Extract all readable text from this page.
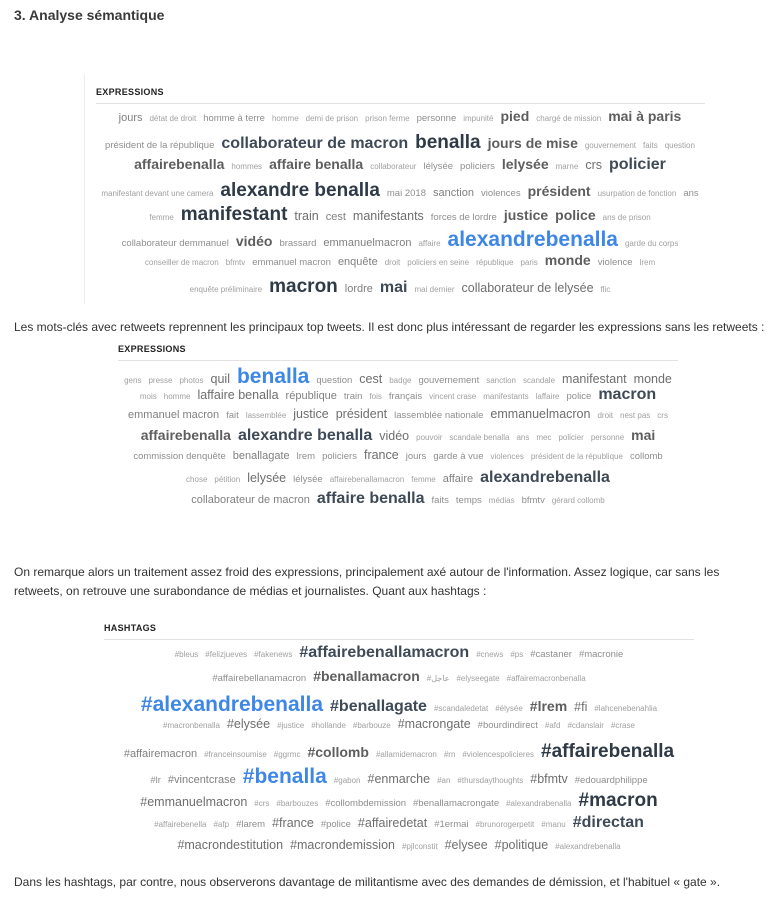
3. Analyse sémantique
EXPRESSIONS
jours détat de droit homme à terre homme demi de prison prison ferme personne impunité pied chargé de mission mai à paris
président de la république collaborateur de macron benalla jours de mise gouvernement faits question
affairebenalla hommes affaire benalla collaborateur lélysée policiers lelysée marne crs policier
manifestant devant une camera alexandre benalla mai 2018 sanction violences président usurpation de fonction ans
femme manifestant train cest manifestants forces de lordre justice police ans de prison
collaborateur demmanuel vidéo brassard emmanuelmacron affaire alexandrebenalla garde du corps
conseiller de macron bfmtv emmanuel macron enquête droit policiers en seine république paris monde violence lrem
enquête préliminaire macron lordre mai mai dernier collaborateur de lelysée flic
Les mots-clés avec retweets reprennent les principaux top tweets. Il est donc plus intéressant de regarder les expressions sans les retweets :
EXPRESSIONS
gens presse photos quil benalla question cest badge gouvernement sanction scandale manifestant monde
mois homme laffaire benalla république train fois français vincent crase manifestants laffaire police macron
emmanuel macron fait lassemblée justice président lassemblée nationale emmanuelmacron droit nest pas crs
affairebenalla alexandre benalla vidéo pouvoir scandale benalla ans mec policier personne mai
commission denquête benallagate lrem policiers france jours garde à vue violences président de la république collomb
chose pétition lelysée lélysée affairebenallamacron femme affaire alexandrebenalla
collaborateur de macron affaire benalla faits temps médias bfmtv gérard collomb
On remarque alors un traitement assez froid des expressions, principalement axé autour de l'information. Assez logique, car sans les retweets, on retrouve une surabondance de médias et journalistes. Quant aux hashtags :
HASHTAGS
#bleus #felizjueves #fakenews #affairebenallamacron #cnews #ps #castaner #macronie
#affairebellanamacron #benallamacron #عاجل #elyseegate #affairemacronbenalla
#alexandrebenalla #benallagate #scandaledetat #élysée #lrem #fi #lahcenebenahlia
#macronbenalla #elysée #justice #hollande #barbouze #macrongate #bourdindirect #afd #cdanslair #crase
#affairemacron #franceinsoumise #ggrmc #collomb #allamidemacron #rn #violencespolicieres #affairebenalla
#lr #vincentcrase #benalla #gabon #enmarche #an #thursdaythoughts #bfmtv #edouardphilippe
#emmanuelmacron #crs #barbouzes #collombdemission #benallamacrongate #alexandrabenalla #macron
#affairebenella #afp #larem #france #police #affairedetat #1ermai #brunorogerpetit #manu #directan
#macrondestitution #macrondemission #pjlconstit #elysee #politique #alexandrebenalla
Dans les hashtags, par contre, nous observerons davantage de militantisme avec des demandes de démission, et l'habituel « gate ».
